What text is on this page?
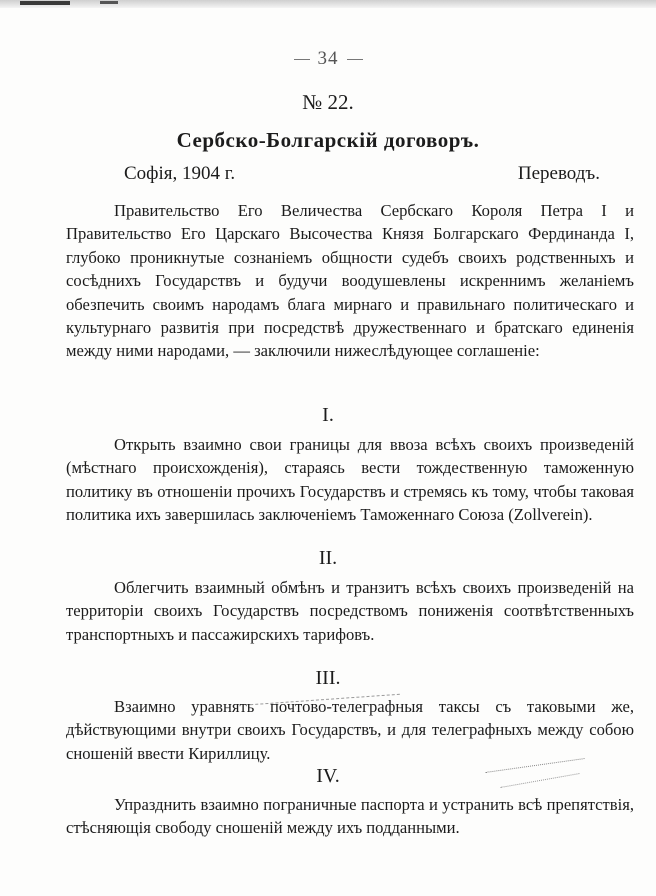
34
№ 22.
Сербско-Болгарскій договоръ.
Софія, 1904 г.	Переводъ.
Правительство Его Величества Сербскаго Короля Петра I и Правительство Его Царскаго Высочества Князя Болгарскаго Фердинанда I, глубоко проникнутые сознаніемъ общности судебъ своихъ родственныхъ и сосѣднихъ Государствъ и будучи воодушевлены искреннимъ желаніемъ обезпечить своимъ народамъ блага мирнаго и правильнаго политическаго и культурнаго развитія при посредствѣ дружественнаго и братскаго единенія между ними народами, — заключили нижеслѣдующее соглашеніе:
I.
Открыть взаимно свои границы для ввоза всѣхъ своихъ произведеній (мѣстнаго происхожденія), стараясь вести тождественную таможенную политику въ отношеніи прочихъ Государствъ и стремясь къ тому, чтобы таковая политика ихъ завершилась заключеніемъ Таможеннаго Союза (Zollverein).
II.
Облегчить взаимный обмѣнъ и транзитъ всѣхъ своихъ произведеній на территоріи своихъ Государствъ посредствомъ пониженія соотвѣтственныхъ транспортныхъ и пассажирскихъ тарифовъ.
III.
Взаимно уравнять почтово-телеграфныя таксы съ таковыми же, дѣйствующими внутри своихъ Государствъ, и для телеграфныхъ между собою сношеній ввести Кириллицу.
IV.
Упразднить взаимно пограничные паспорта и устранить всѣ препятствія, стѣсняющія свободу сношеній между ихъ подданными.
